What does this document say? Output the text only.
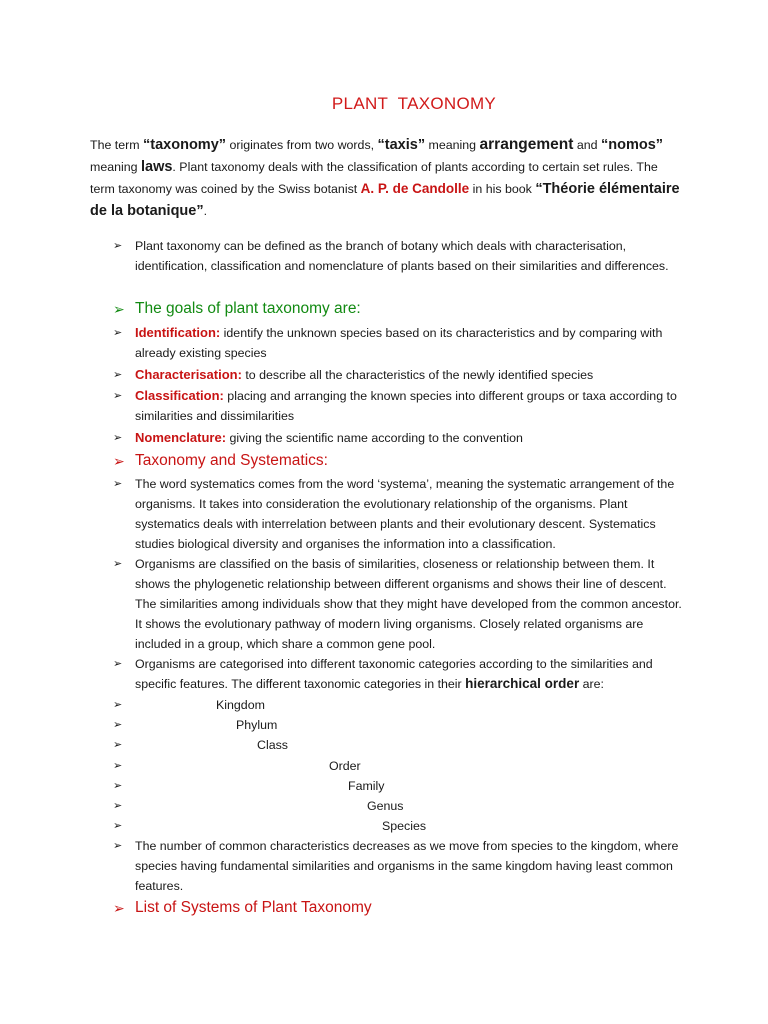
PLANT  TAXONOMY

The term “taxonomy” originates from two words, “taxis” meaning arrangement and “nomos”
meaning laws. Plant taxonomy deals with the classification of plants according to certain set rules. The term taxonomy was coined by the Swiss botanist A. P. de Candolle in his book “Théorie élémentaire de la botanique”.

➢	Plant taxonomy can be defined as the branch of botany which deals with characterisation, identification, classification and nomenclature of plants based on their similarities and differences.
➢ The goals of plant taxonomy are:
➢ Identification: identify the unknown species based on its characteristics and by comparing with already existing species
➢ Characterisation: to describe all the characteristics of the newly identified species
➢ Classification: placing and arranging the known species into different groups or taxa according to similarities and dissimilarities
➢ Nomenclature: giving the scientific name according to the convention
➢ Taxonomy and Systematics:
➢	The word systematics comes from the word ‘systema’, meaning the systematic arrangement of the organisms. It takes into consideration the evolutionary relationship of the organisms. Plant systematics deals with interrelation between plants and their evolutionary descent. Systematics studies biological diversity and organises the information into a classification.
➢	Organisms are classified on the basis of similarities, closeness or relationship between them. It shows the phylogenetic relationship between different organisms and shows their line of descent. The similarities among individuals show that they might have developed from the common ancestor. It shows the evolutionary pathway of modern living organisms. Closely related organisms are included in a group, which share a common gene pool.
➢	Organisms are categorised into different taxonomic categories according to the similarities and specific features. The different taxonomic categories in their hierarchical order are:
➢	Kingdom
➢	Phylum
➢	Class
➢	Order
➢	Family
➢	Genus
➢	Species
➢	The number of common characteristics decreases as we move from species to the kingdom, where species having fundamental similarities and organisms in the same kingdom having least common features.
➢ List of Systems of Plant Taxonomy
